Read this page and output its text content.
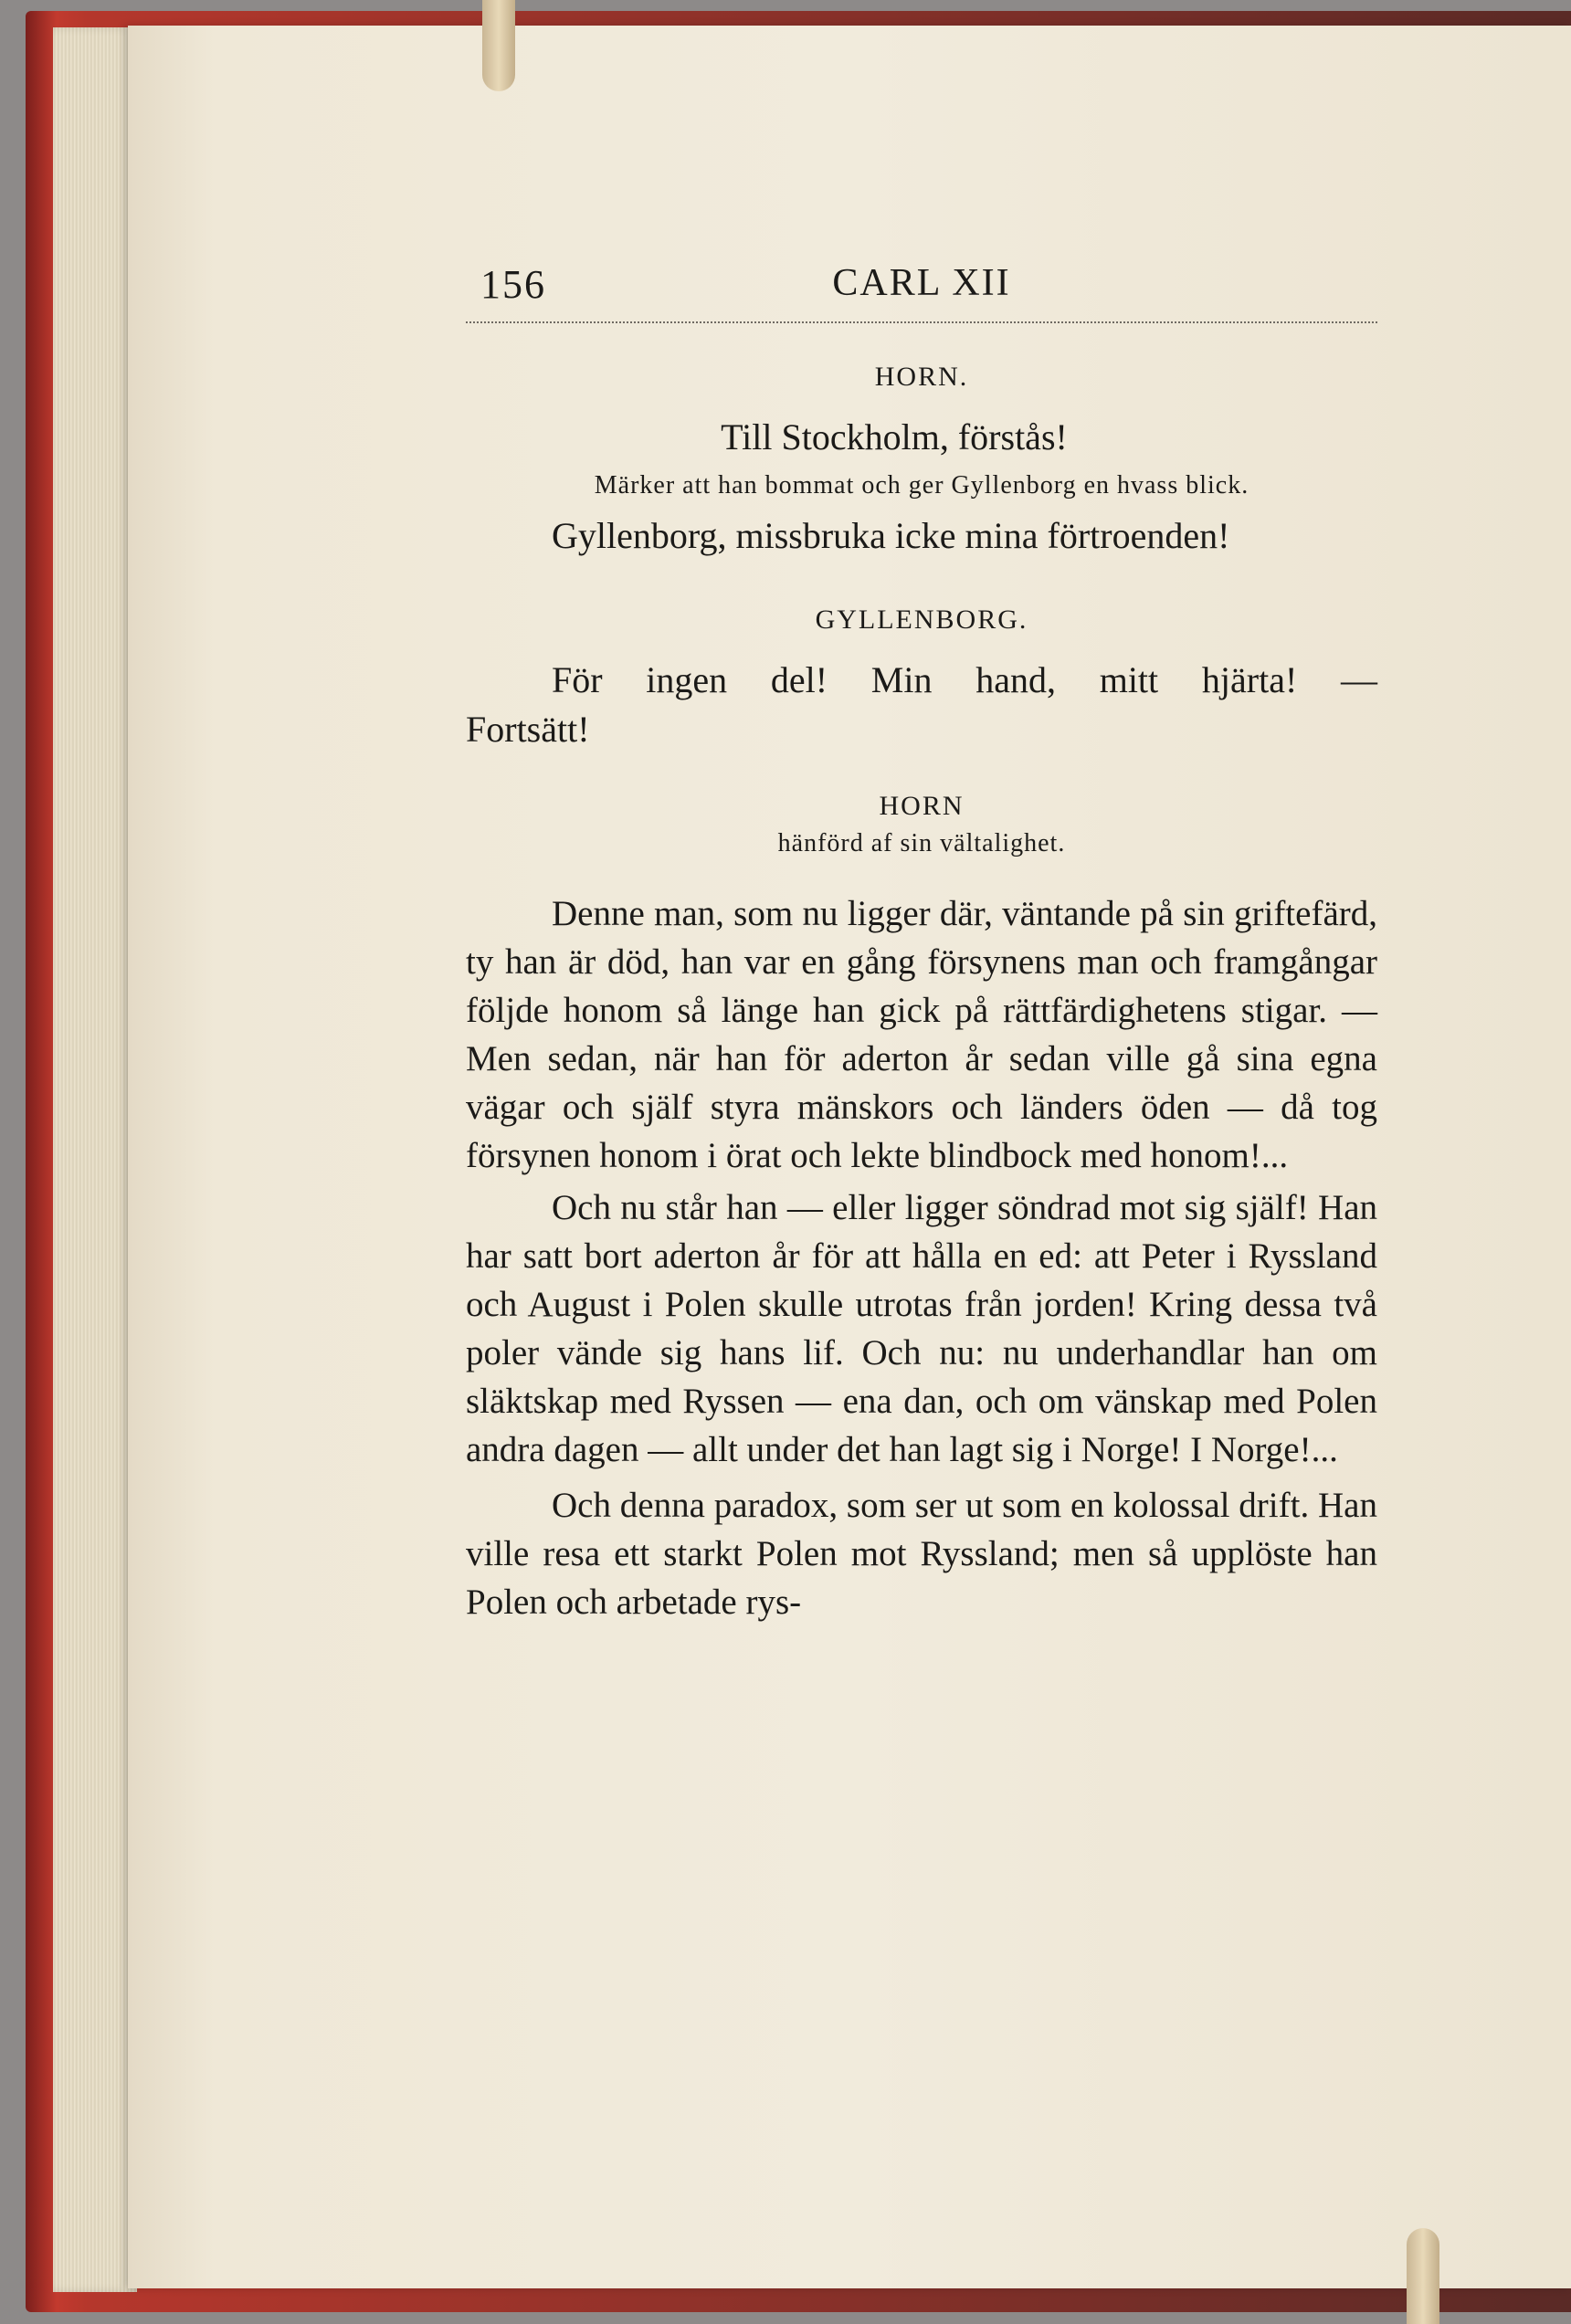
156	CARL XII

HORN.

Till Stockholm, förstås!

Märker att han bommat och ger Gyllenborg en hvass blick.

Gyllenborg, missbruka icke mina förtroenden!

GYLLENBORG.

För ingen del! Min hand, mitt hjärta! —

Fortsätt!

HORN

hänförd af sin vältalighet.

Denne man, som nu ligger där, väntande på sin griftefärd, ty han är död, han var en gång försynens man och framgångar följde honom så länge han gick på rättfärdighetens stigar. — Men sedan, när han för aderton år sedan ville gå sina egna vägar och själf styra mänskors och länders öden — då tog försynen honom i örat och lekte blindbock med honom!...

Och nu står han — eller ligger söndrad mot sig själf! Han har satt bort aderton år för att hålla en ed: att Peter i Ryssland och August i Polen skulle utrotas från jorden! Kring dessa två poler vände sig hans lif. Och nu: nu underhandlar han om släktskap med Ryssen — ena dan, och om vänskap med Polen andra dagen — allt under det han lagt sig i Norge! I Norge!...

Och denna paradox, som ser ut som en kolossal drift. Han ville resa ett starkt Polen mot Ryssland; men så upplöste han Polen och arbetade rys-
